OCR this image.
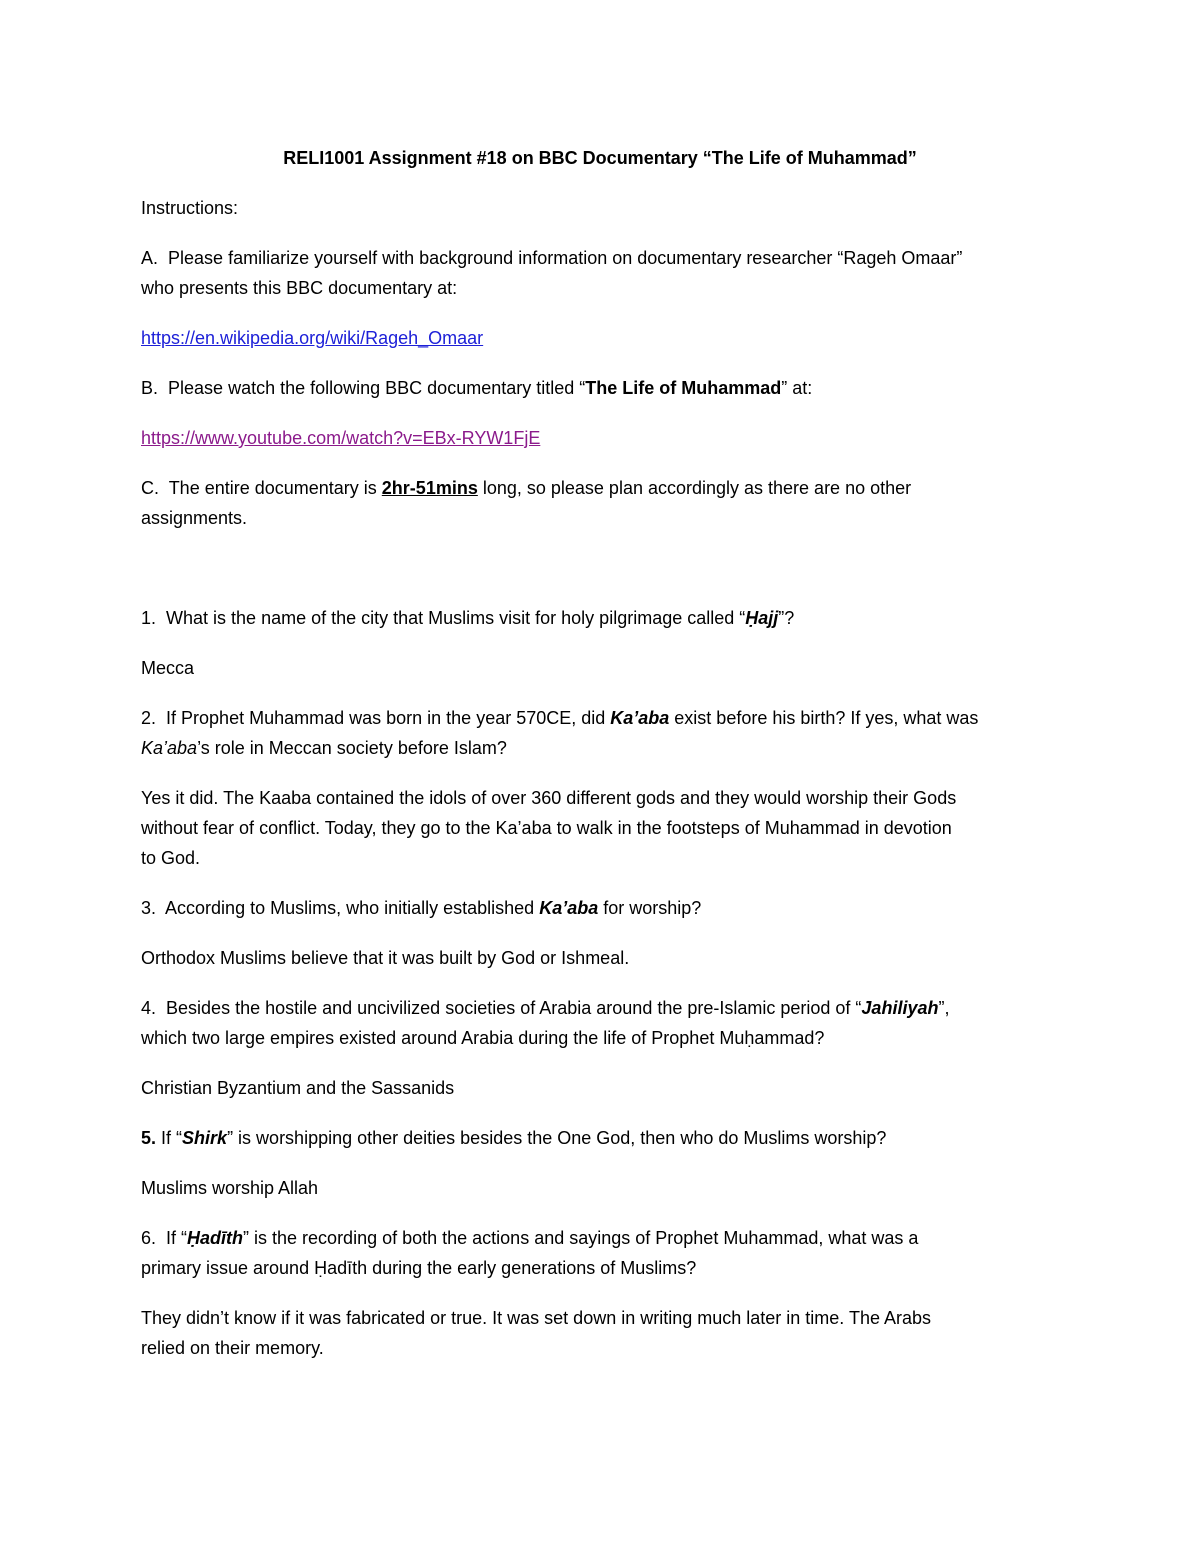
RELI1001 Assignment #18 on BBC Documentary “The Life of Muhammad”
Instructions:
A. Please familiarize yourself with background information on documentary researcher “Rageh Omaar”
who presents this BBC documentary at:
https://en.wikipedia.org/wiki/Rageh_Omaar
B. Please watch the following BBC documentary titled “The Life of Muhammad” at:
https://www.youtube.com/watch?v=EBx-RYW1FjE
C. The entire documentary is 2hr-51mins long, so please plan accordingly as there are no other
assignments.
1. What is the name of the city that Muslims visit for holy pilgrimage called “Ḥajj”?
Mecca
2. If Prophet Muhammad was born in the year 570CE, did Ka’aba exist before his birth? If yes, what was
Ka’aba’s role in Meccan society before Islam?
Yes it did. The Kaaba contained the idols of over 360 different gods and they would worship their Gods
without fear of conflict. Today, they go to the Ka’aba to walk in the footsteps of Muhammad in devotion
to God.
3. According to Muslims, who initially established Ka’aba for worship?
Orthodox Muslims believe that it was built by God or Ishmeal.
4. Besides the hostile and uncivilized societies of Arabia around the pre-Islamic period of “Jahiliyah”,
which two large empires existed around Arabia during the life of Prophet Muḥammad?
Christian Byzantium and the Sassanids
5. If “Shirk” is worshipping other deities besides the One God, then who do Muslims worship?
Muslims worship Allah
6. If “Ḥadīth” is the recording of both the actions and sayings of Prophet Muhammad, what was a
primary issue around Ḥadīth during the early generations of Muslims?
They didn’t know if it was fabricated or true. It was set down in writing much later in time. The Arabs
relied on their memory.
